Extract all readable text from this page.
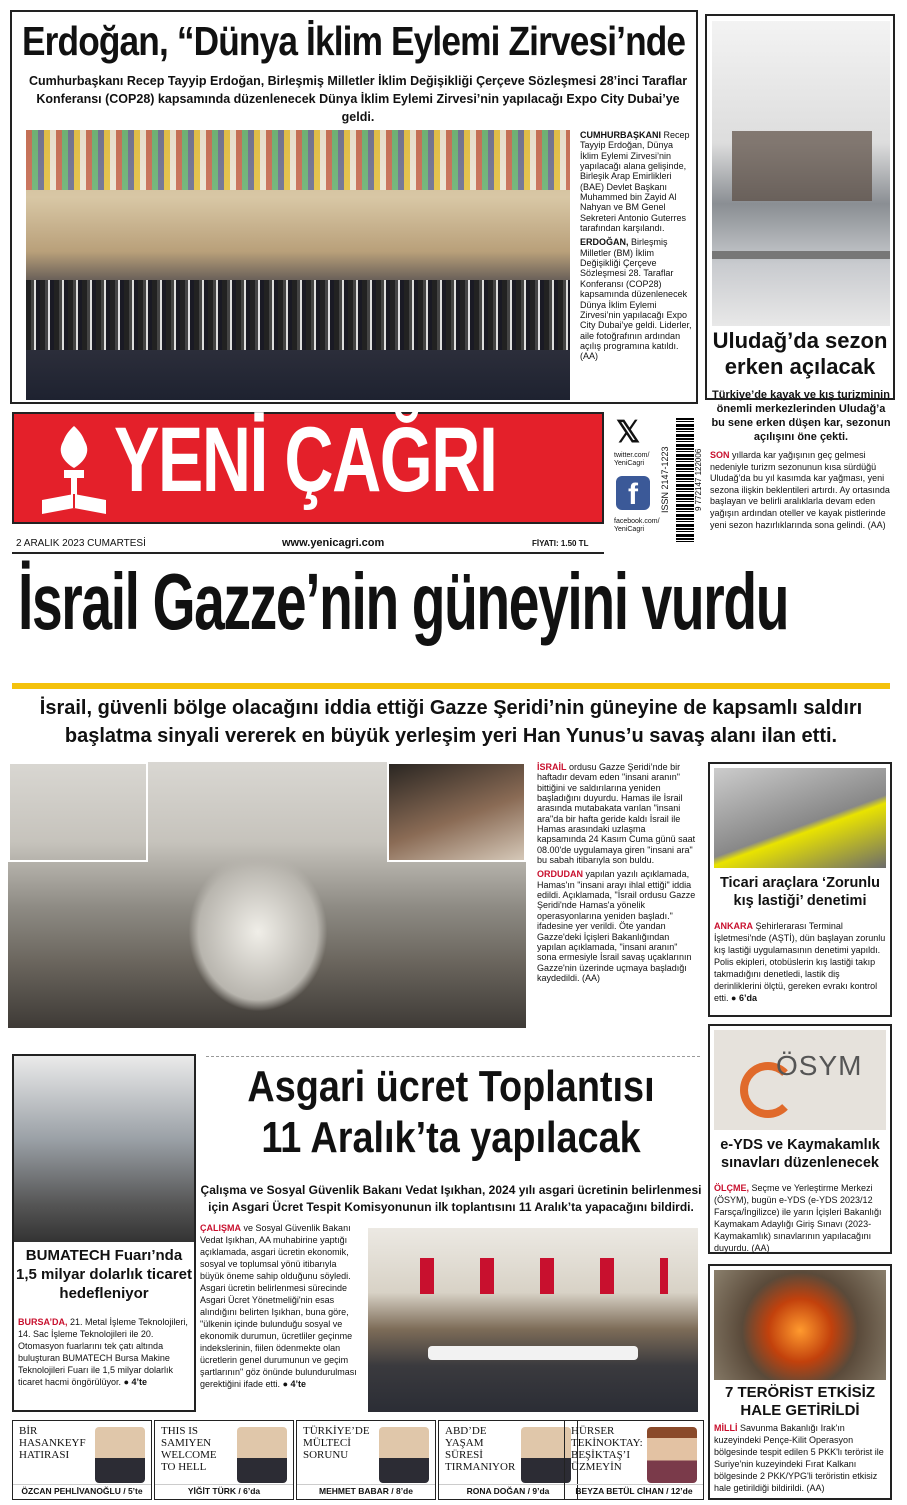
Erdoğan, “Dünya İklim Eylemi Zirvesi’nde
Cumhurbaşkanı Recep Tayyip Erdoğan, Birleşmiş Milletler İklim Değişikliği Çerçeve Sözleşmesi 28’inci Taraflar Konferansı (COP28) kapsamında düzenlenecek Dünya İklim Eylemi Zirvesi’nin yapılacağı Expo City Dubai’ye geldi.

CUMHURBAŞKANI Recep Tayyip Erdoğan, Dünya İklim Eylemi Zirvesi’nin yapılacağı alana gelişinde, Birleşik Arap Emirlikleri (BAE) Devlet Başkanı Muhammed bin Zayid Al Nahyan ve BM Genel Sekreteri Antonio Guterres tarafından karşılandı.

ERDOĞAN, Birleşmiş Milletler (BM) İklim Değişikliği Çerçeve Sözleşmesi 28. Taraflar Konferansı (COP28) kapsamında düzenlenecek Dünya İklim Eylemi Zirvesi’nin yapılacağı Expo City Dubai’ye geldi. Liderler, aile fotoğrafının ardından açılış programına katıldı. (AA)

Uludağ’da sezon erken açılacak
Türkiye’de kayak ve kış turizminin önemli merkezlerinden Uludağ’a bu sene erken düşen kar, sezonun açılışını öne çekti.
SON yıllarda kar yağışının geç gelmesi nedeniyle turizm sezonunun kısa sürdüğü Uludağ’da bu yıl kasımda kar yağması, yeni sezona ilişkin beklentileri artırdı. Ay ortasında başlayan ve belirli aralıklarla devam eden yağışın ardından oteller ve kayak pistlerinde yeni sezon hazırlıklarında sona gelindi. (AA)
YENİ ÇAĞRI
2 ARALIK 2023 CUMARTESİ	www.yenicagri.com	FİYATI: 1.50 TL
𝕏
twitter.com/ YeniCagri
f
facebook.com/ YeniCagri
ISSN 2147-1223	9 772147 122006
İsrail Gazze’nin güneyini vurdu
İsrail, güvenli bölge olacağını iddia ettiği Gazze Şeridi’nin güneyine de kapsamlı saldırı başlatma sinyali vererek en büyük yerleşim yeri Han Yunus’u savaş alanı ilan etti.

İSRAİL ordusu Gazze Şeridi’nde bir haftadır devam eden "insani aranın" bittiğini ve saldırılarına yeniden başladığını duyurdu. Hamas ile İsrail arasında mutabakata varılan "insani ara"da bir hafta geride kaldı İsrail ile Hamas arasındaki uzlaşma kapsamında 24 Kasım Cuma günü saat 08.00'de uygulamaya giren "insani ara" bu sabah itibarıyla son buldu.

ORDUDAN yapılan yazılı açıklamada, Hamas'ın "insani arayı ihlal ettiği" iddia edildi. Açıklamada, "İsrail ordusu Gazze Şeridi'nde Hamas'a yönelik operasyonlarına yeniden başladı." ifadesine yer verildi. Öte yandan Gazze'deki İçişleri Bakanlığından yapılan açıklamada, "insani aranın" sona ermesiyle İsrail savaş uçaklarının Gazze'nin üzerinde uçmaya başladığı kaydedildi. (AA)

Ticari araçlara ‘Zorunlu kış lastiği’ denetimi
ANKARA Şehirlerarası Terminal İşletmesi'nde (AŞTİ), dün başlayan zorunlu kış lastiği uygulamasının denetimi yapıldı. Polis ekipleri, otobüslerin kış lastiği takıp takmadığını denetledi, lastik diş derinliklerini ölçtü, gereken evrakı kontrol etti. ● 6’da
ÖSYM
e-YDS ve Kaymakamlık sınavları düzenlenecek
ÖLÇME, Seçme ve Yerleştirme Merkezi (ÖSYM), bugün e-YDS (e-YDS 2023/12 Farsça/İngilizce) ile yarın İçişleri Bakanlığı Kaymakam Adaylığı Giriş Sınavı (2023-Kaymakamlık) sınavlarının yapılacağını duyurdu. (AA)
7 TERÖRİST ETKİSİZ HALE GETİRİLDİ
MİLLİ Savunma Bakanlığı Irak'ın kuzeyindeki Pençe-Kilit Operasyon bölgesinde tespit edilen 5 PKK'lı terörist ile Suriye'nin kuzeyindeki Fırat Kalkanı bölgesinde 2 PKK/YPG'li teröristin etkisiz hale getirildiği bildirildi. (AA)
BUMATECH Fuarı’nda 1,5 milyar dolarlık ticaret hedefleniyor
BURSA’DA, 21. Metal İşleme Teknolojileri, 14. Sac İşleme Teknolojileri ile 20. Otomasyon fuarlarını tek çatı altında buluşturan BUMATECH Bursa Makine Teknolojileri Fuarı ile 1,5 milyar dolarlık ticaret hacmi öngörülüyor. ● 4’te
Asgari ücret Toplantısı
11 Aralık’ta yapılacak
Çalışma ve Sosyal Güvenlik Bakanı Vedat Işıkhan, 2024 yılı asgari ücretinin belirlenmesi için Asgari Ücret Tespit Komisyonunun ilk toplantısını 11 Aralık’ta yapacağını bildirdi.
ÇALIŞMA ve Sosyal Güvenlik Bakanı Vedat Işıkhan, AA muhabirine yaptığı açıklamada, asgari ücretin ekonomik, sosyal ve toplumsal yönü itibarıyla büyük öneme sahip olduğunu söyledi. Asgari ücretin belirlenmesi sürecinde Asgari Ücret Yönetmeliği'nin esas alındığını belirten Işıkhan, buna göre, "ülkenin içinde bulunduğu sosyal ve ekonomik durumun, ücretliler geçinme indekslerinin, fiilen ödenmekte olan ücretlerin genel durumunun ve geçim şartlarının" göz önünde bulundurulması gerektiğini ifade etti. ● 4’te
BİR HASANKEYF HATIRASI
ÖZCAN PEHLİVANOĞLU / 5’te
THIS IS SAMIYEN WELCOME TO HELL
YİĞİT TÜRK / 6’da
TÜRKİYE’DE MÜLTECİ SORUNU
MEHMET BABAR / 8’de
ABD’DE YAŞAM SÜRESİ TIRMANIYOR
RONA DOĞAN / 9’da
HÜRSER TEKİNOKTAY: BEŞİKTAŞ’I ÜZMEYİN
BEYZA BETÜL CİHAN / 12’de
